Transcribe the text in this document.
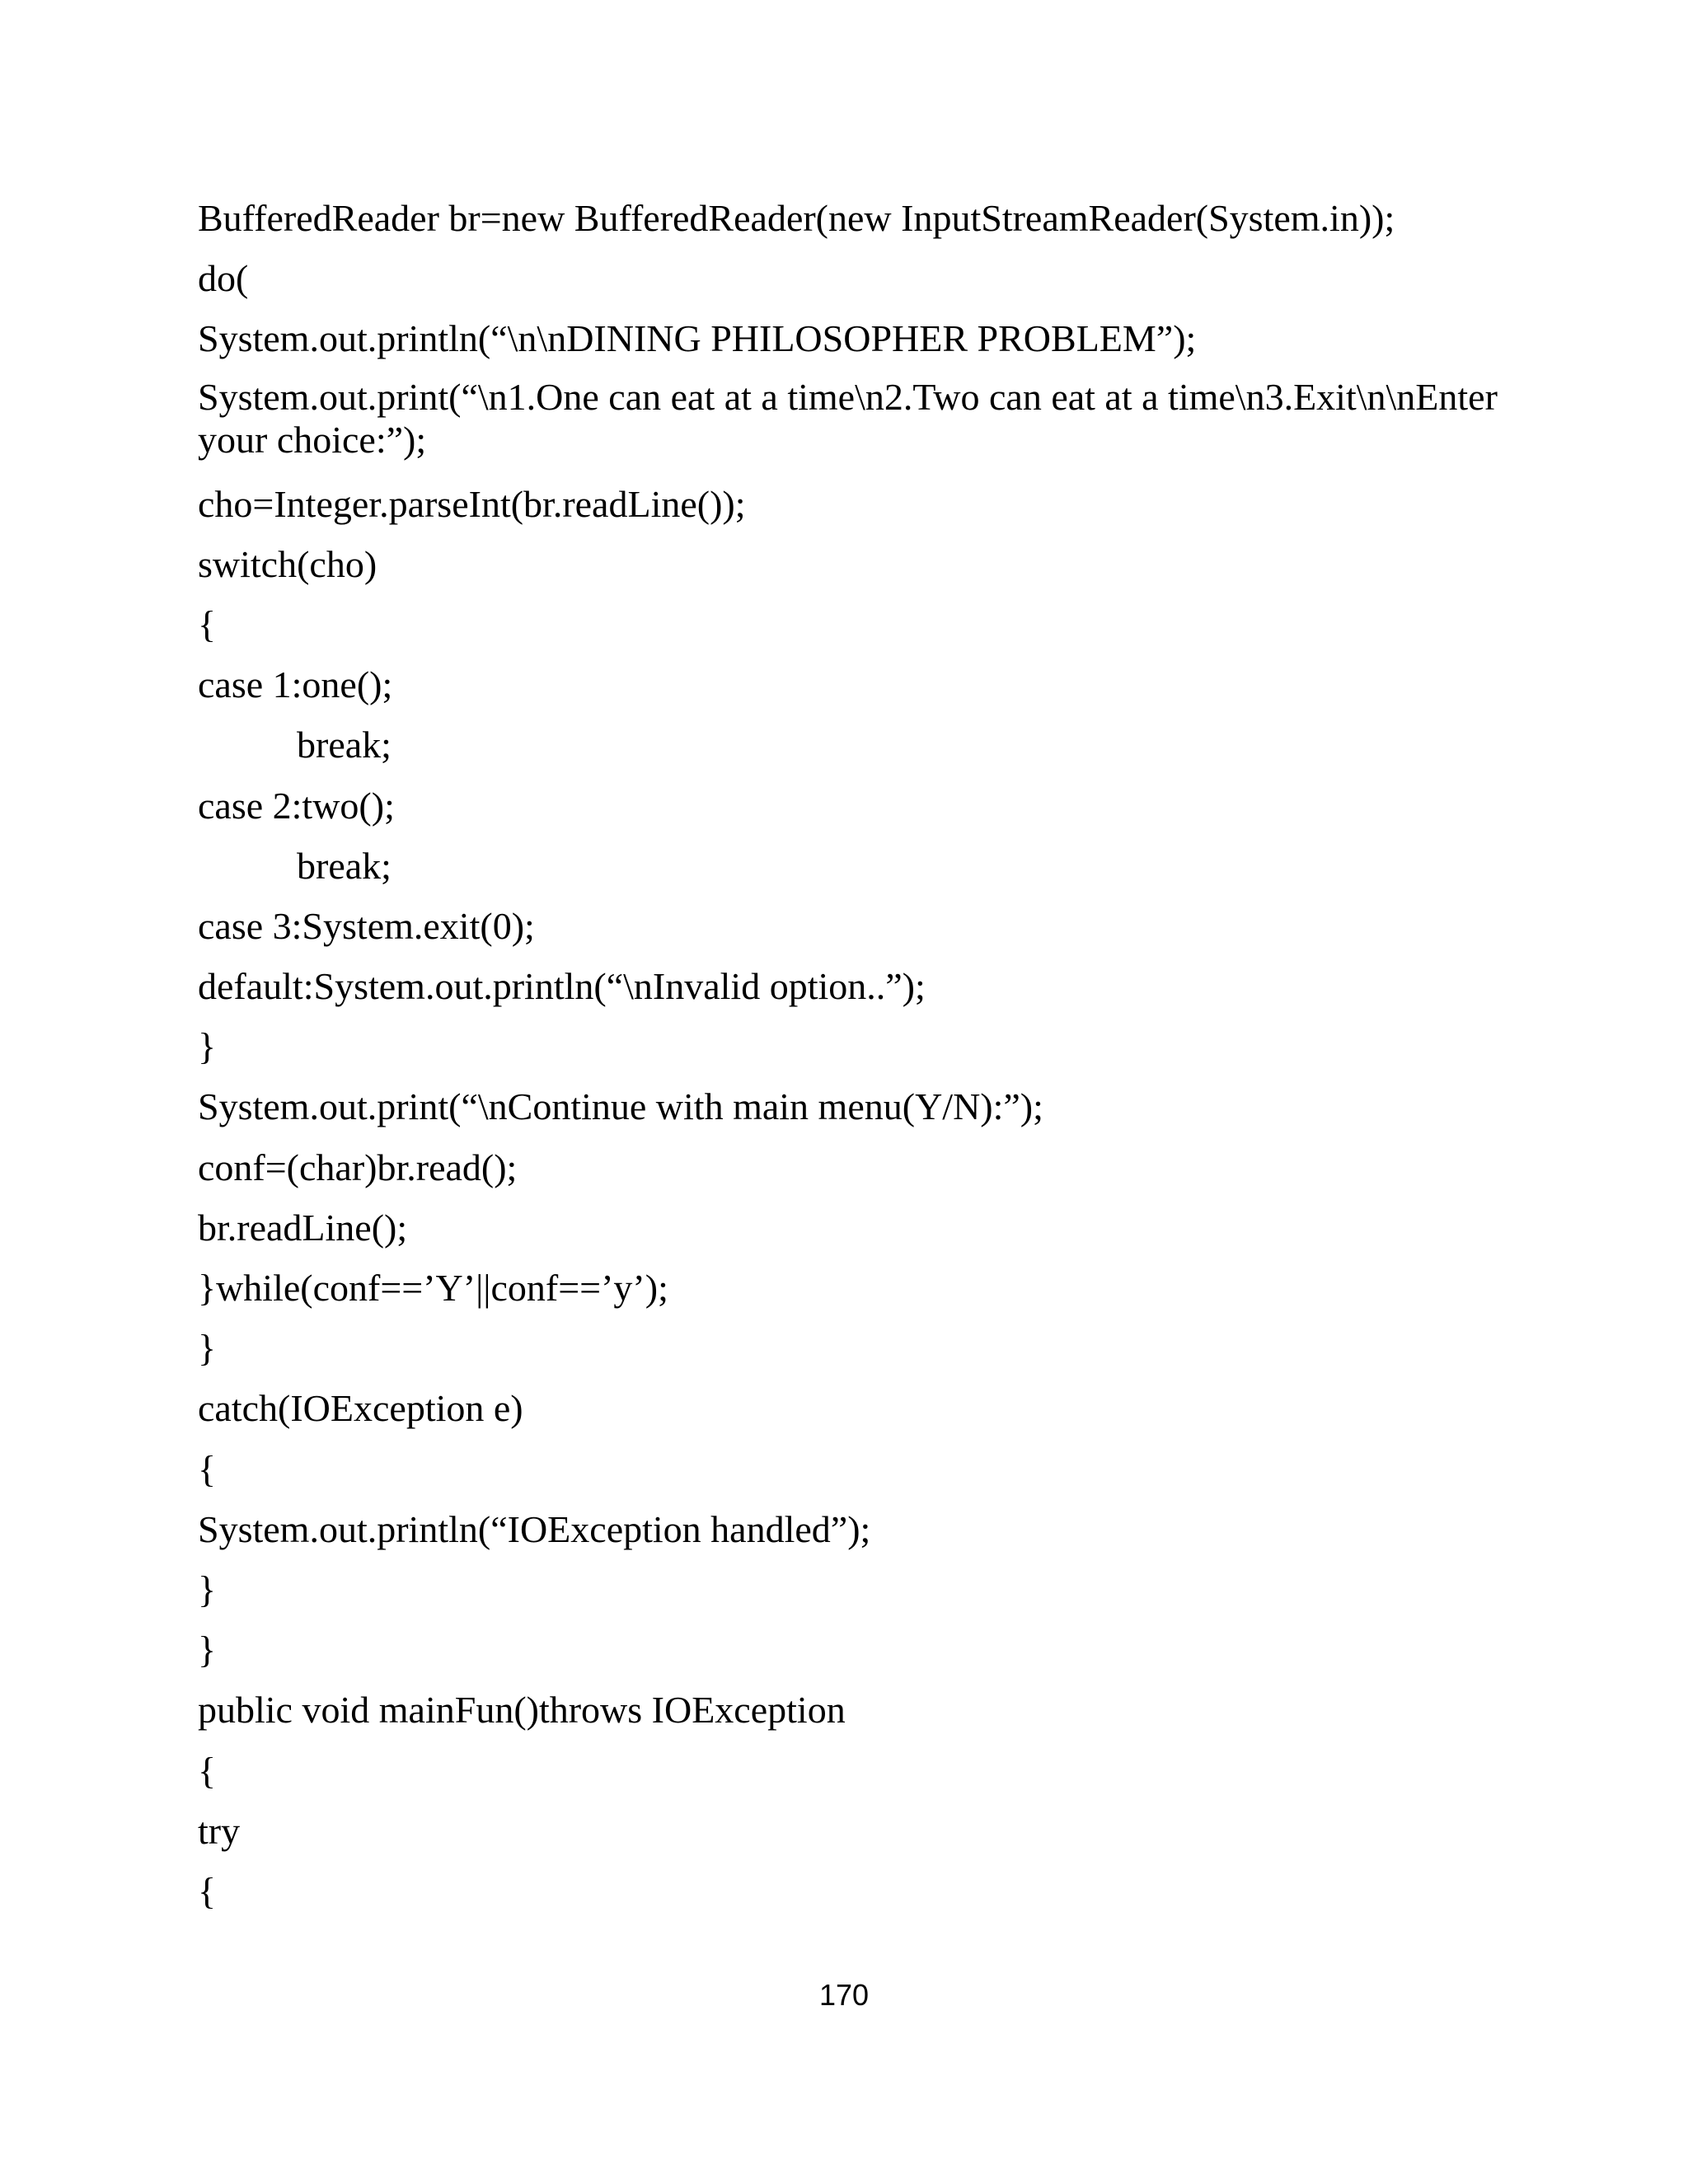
BufferedReader br=new BufferedReader(new InputStreamReader(System.in));
do(
System.out.println(“\n\nDINING PHILOSOPHER PROBLEM”);
System.out.print(“\n1.One can eat at a time\n2.Two can eat at a time\n3.Exit\n\nEnter your choice:”);
cho=Integer.parseInt(br.readLine());
switch(cho)
{
case 1:one();
break;
case 2:two();
break;
case 3:System.exit(0);
default:System.out.println(“\nInvalid option..”);
}
System.out.print(“\nContinue with main menu(Y/N):”);
conf=(char)br.read();
br.readLine();
}while(conf==’Y’||conf==’y’);
}
catch(IOException e)
{
System.out.println(“IOException handled”);
}
}
public void mainFun()throws IOException
{
try
{
170
